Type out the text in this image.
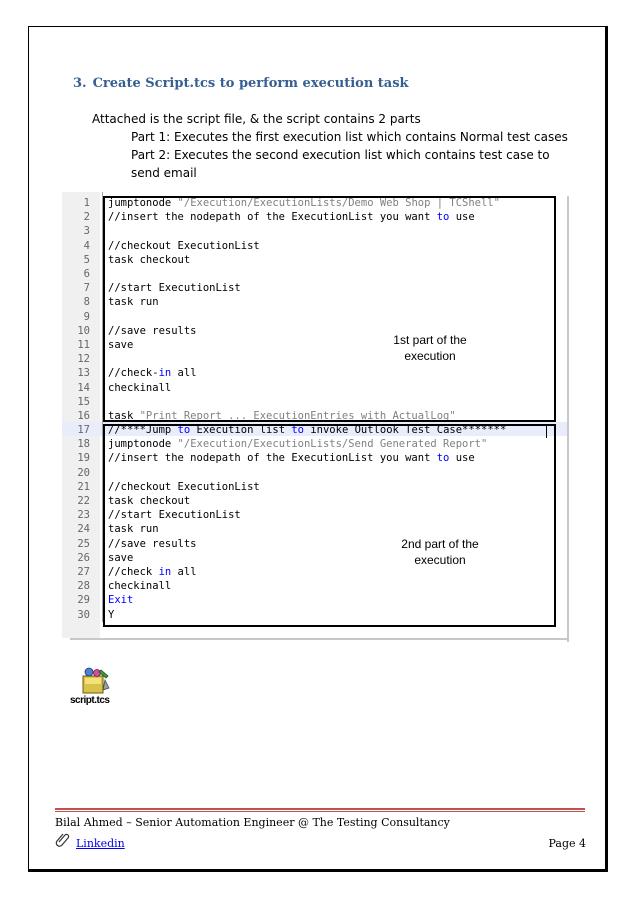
3. Create Script.tcs to perform execution task
Attached is the script file, & the script contains 2 parts
Part 1: Executes the first execution list which contains Normal test cases
Part 2: Executes the second execution list which contains test case to send email
1 jumptonode "/Execution/ExecutionLists/Demo Web Shop | TCShell"
2 //insert the nodepath of the ExecutionList you want to use
3
4 //checkout ExecutionList
5 task checkout
6
7 //start ExecutionList
8 task run
9
10 //save results
11 save
12
13 //check-in all
14 checkinall
15
16 task "Print Report ... ExecutionEntries with ActualLog"
17 //****Jump to Execution list to invoke Outlook Test Case*******
18 jumptonode "/Execution/ExecutionLists/Send Generated Report"
19 //insert the nodepath of the ExecutionList you want to use
20
21 //checkout ExecutionList
22 task checkout
23 //start ExecutionList
24 task run
25 //save results
26 save
27 //check in all
28 checkinall
29 Exit
30 Y
1st part of the execution
2nd part of the execution
script.tcs
Bilal Ahmed – Senior Automation Engineer @ The Testing Consultancy
Linkedin	Page 4
